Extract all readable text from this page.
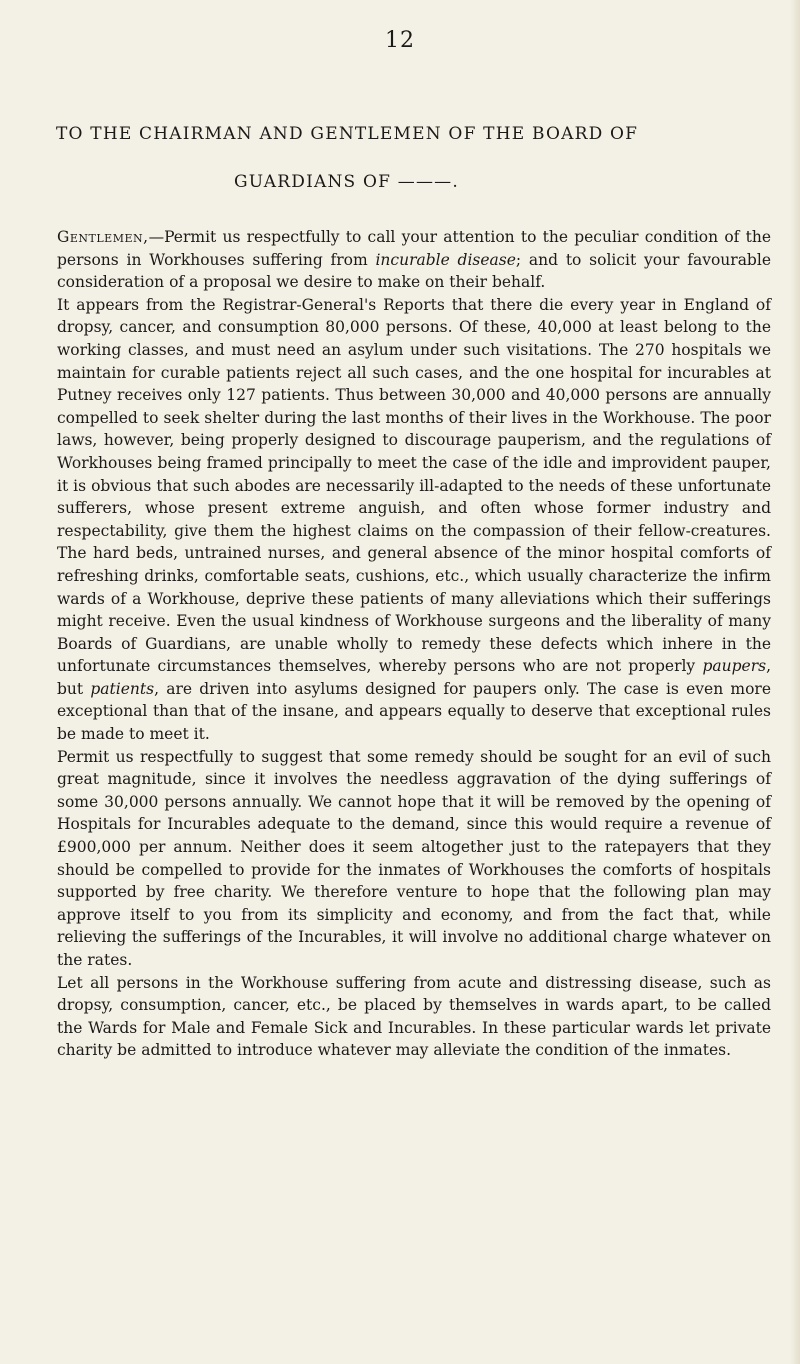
12
TO THE CHAIRMAN AND GENTLEMEN OF THE BOARD OF
GUARDIANS OF ———.

Gentlemen,—Permit us respectfully to call your attention to the peculiar condition of the persons in Workhouses suffering from incurable disease; and to solicit your favourable consideration of a proposal we desire to make on their behalf.

It appears from the Registrar-General's Reports that there die every year in England of dropsy, cancer, and consumption 80,000 persons. Of these, 40,000 at least belong to the working classes, and must need an asylum under such visitations. The 270 hospitals we maintain for curable patients reject all such cases, and the one hospital for incurables at Putney receives only 127 patients. Thus between 30,000 and 40,000 persons are annually compelled to seek shelter during the last months of their lives in the Workhouse. The poor laws, however, being properly designed to discourage pauperism, and the regulations of Workhouses being framed principally to meet the case of the idle and improvident pauper, it is obvious that such abodes are necessarily ill-adapted to the needs of these unfortunate sufferers, whose present extreme anguish, and often whose former industry and respectability, give them the highest claims on the compassion of their fellow-creatures. The hard beds, untrained nurses, and general absence of the minor hospital comforts of refreshing drinks, comfortable seats, cushions, etc., which usually characterize the infirm wards of a Workhouse, deprive these patients of many alleviations which their sufferings might receive. Even the usual kindness of Workhouse surgeons and the liberality of many Boards of Guardians, are unable wholly to remedy these defects which inhere in the unfortunate circumstances themselves, whereby persons who are not properly paupers, but patients, are driven into asylums designed for paupers only. The case is even more exceptional than that of the insane, and appears equally to deserve that exceptional rules be made to meet it.

Permit us respectfully to suggest that some remedy should be sought for an evil of such great magnitude, since it involves the needless aggravation of the dying sufferings of some 30,000 persons annually. We cannot hope that it will be removed by the opening of Hospitals for Incurables adequate to the demand, since this would require a revenue of £900,000 per annum. Neither does it seem altogether just to the ratepayers that they should be compelled to provide for the inmates of Workhouses the comforts of hospitals supported by free charity. We therefore venture to hope that the following plan may approve itself to you from its simplicity and economy, and from the fact that, while relieving the sufferings of the Incurables, it will involve no additional charge whatever on the rates.

Let all persons in the Workhouse suffering from acute and distressing disease, such as dropsy, consumption, cancer, etc., be placed by themselves in wards apart, to be called the Wards for Male and Female Sick and Incurables. In these particular wards let private charity be admitted to introduce whatever may alleviate the condition of the inmates.
